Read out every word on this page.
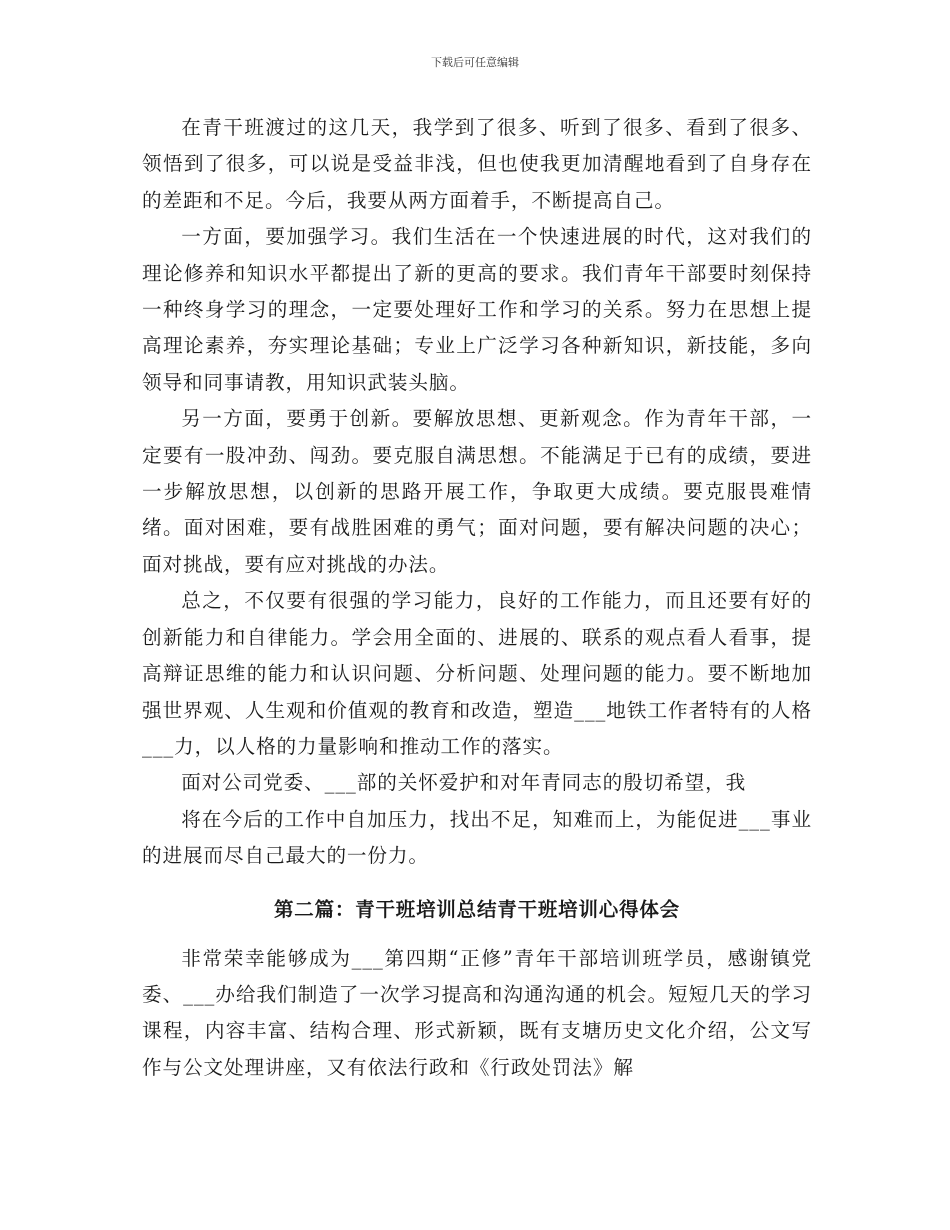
下载后可任意编辑

在青干班渡过的这几天，我学到了很多、听到了很多、看到了很多、领悟到了很多，可以说是受益非浅，但也使我更加清醒地看到了自身存在的差距和不足。今后，我要从两方面着手，不断提高自己。

一方面，要加强学习。我们生活在一个快速进展的时代，这对我们的理论修养和知识水平都提出了新的更高的要求。我们青年干部要时刻保持一种终身学习的理念，一定要处理好工作和学习的关系。努力在思想上提高理论素养，夯实理论基础；专业上广泛学习各种新知识，新技能，多向领导和同事请教，用知识武装头脑。

另一方面，要勇于创新。要解放思想、更新观念。作为青年干部，一定要有一股冲劲、闯劲。要克服自满思想。不能满足于已有的成绩，要进一步解放思想，以创新的思路开展工作，争取更大成绩。要克服畏难情绪。面对困难，要有战胜困难的勇气；面对问题，要有解决问题的决心；面对挑战，要有应对挑战的办法。

总之，不仅要有很强的学习能力，良好的工作能力，而且还要有好的创新能力和自律能力。学会用全面的、进展的、联系的观点看人看事，提高辩证思维的能力和认识问题、分析问题、处理问题的能力。要不断地加强世界观、人生观和价值观的教育和改造，塑造___地铁工作者特有的人格___力，以人格的力量影响和推动工作的落实。

面对公司党委、___部的关怀爱护和对年青同志的殷切希望，我

将在今后的工作中自加压力，找出不足，知难而上，为能促进___事业的进展而尽自己最大的一份力。

第二篇：青干班培训总结青干班培训心得体会

非常荣幸能够成为___第四期“正修”青年干部培训班学员，感谢镇党委、___办给我们制造了一次学习提高和沟通沟通的机会。短短几天的学习课程，内容丰富、结构合理、形式新颖，既有支塘历史文化介绍，公文写作与公文处理讲座，又有依法行政和《行政处罚法》解
